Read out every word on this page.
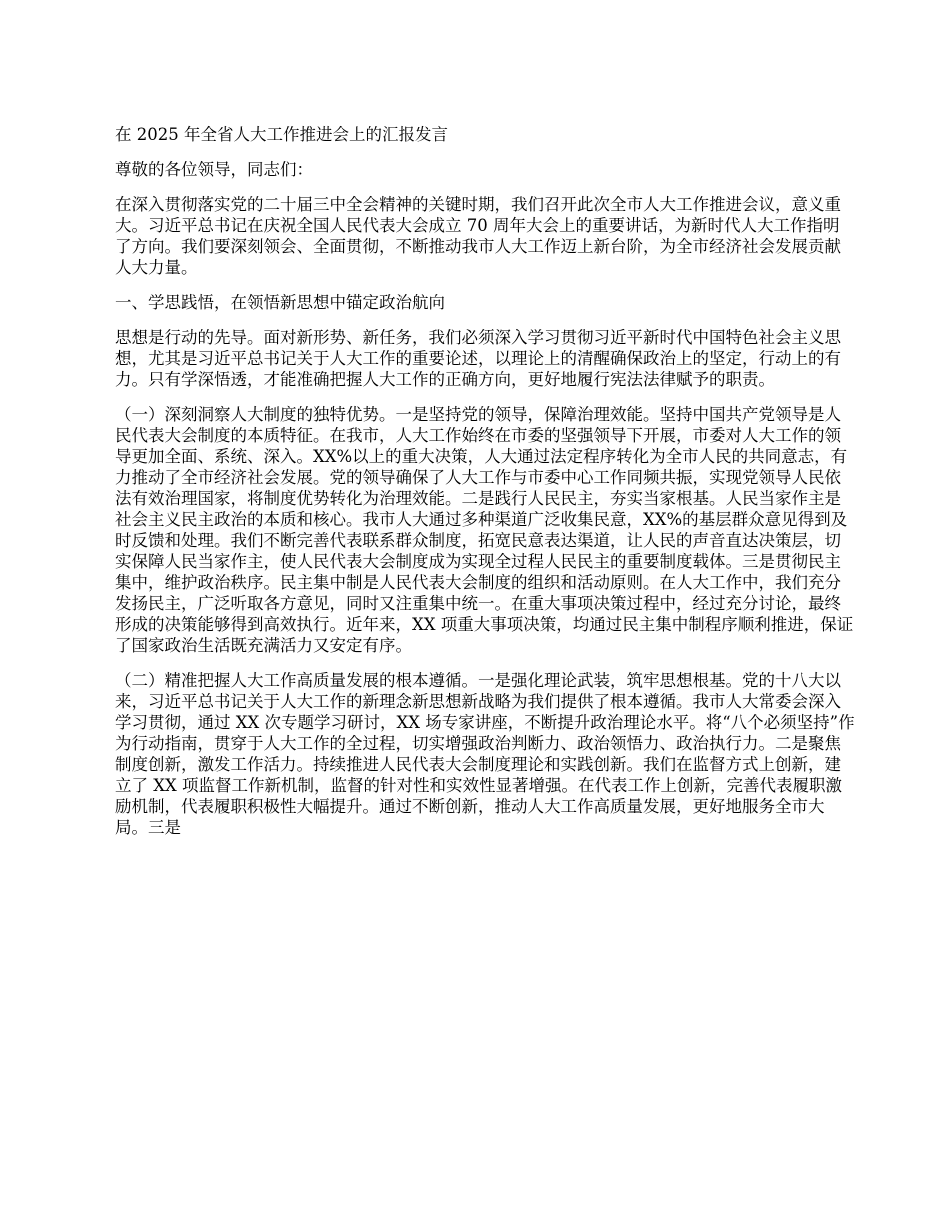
在 2025 年全省人大工作推进会上的汇报发言

尊敬的各位领导，同志们：

在深入贯彻落实党的二十届三中全会精神的关键时期，我们召开此次全市人大工作推进会议，意义重大。习近平总书记在庆祝全国人民代表大会成立 70 周年大会上的重要讲话，为新时代人大工作指明了方向。我们要深刻领会、全面贯彻，不断推动我市人大工作迈上新台阶，为全市经济社会发展贡献人大力量。

一、学思践悟，在领悟新思想中锚定政治航向

思想是行动的先导。面对新形势、新任务，我们必须深入学习贯彻习近平新时代中国特色社会主义思想，尤其是习近平总书记关于人大工作的重要论述，以理论上的清醒确保政治上的坚定，行动上的有力。只有学深悟透，才能准确把握人大工作的正确方向，更好地履行宪法法律赋予的职责。

（一）深刻洞察人大制度的独特优势。一是坚持党的领导，保障治理效能。坚持中国共产党领导是人民代表大会制度的本质特征。在我市，人大工作始终在市委的坚强领导下开展，市委对人大工作的领导更加全面、系统、深入。XX%以上的重大决策，人大通过法定程序转化为全市人民的共同意志，有力推动了全市经济社会发展。党的领导确保了人大工作与市委中心工作同频共振，实现党领导人民依法有效治理国家，将制度优势转化为治理效能。二是践行人民民主，夯实当家根基。人民当家作主是社会主义民主政治的本质和核心。我市人大通过多种渠道广泛收集民意，XX%的基层群众意见得到及时反馈和处理。我们不断完善代表联系群众制度，拓宽民意表达渠道，让人民的声音直达决策层，切实保障人民当家作主，使人民代表大会制度成为实现全过程人民民主的重要制度载体。三是贯彻民主集中，维护政治秩序。民主集中制是人民代表大会制度的组织和活动原则。在人大工作中，我们充分发扬民主，广泛听取各方意见，同时又注重集中统一。在重大事项决策过程中，经过充分讨论，最终形成的决策能够得到高效执行。近年来，XX 项重大事项决策，均通过民主集中制程序顺利推进，保证了国家政治生活既充满活力又安定有序。

（二）精准把握人大工作高质量发展的根本遵循。一是强化理论武装，筑牢思想根基。党的十八大以来，习近平总书记关于人大工作的新理念新思想新战略为我们提供了根本遵循。我市人大常委会深入学习贯彻，通过 XX 次专题学习研讨，XX 场专家讲座，不断提升政治理论水平。将“八个必须坚持”作为行动指南，贯穿于人大工作的全过程，切实增强政治判断力、政治领悟力、政治执行力。二是聚焦制度创新，激发工作活力。持续推进人民代表大会制度理论和实践创新。我们在监督方式上创新，建立了 XX 项监督工作新机制，监督的针对性和实效性显著增强。在代表工作上创新，完善代表履职激励机制，代表履职积极性大幅提升。通过不断创新，推动人大工作高质量发展，更好地服务全市大局。三是
